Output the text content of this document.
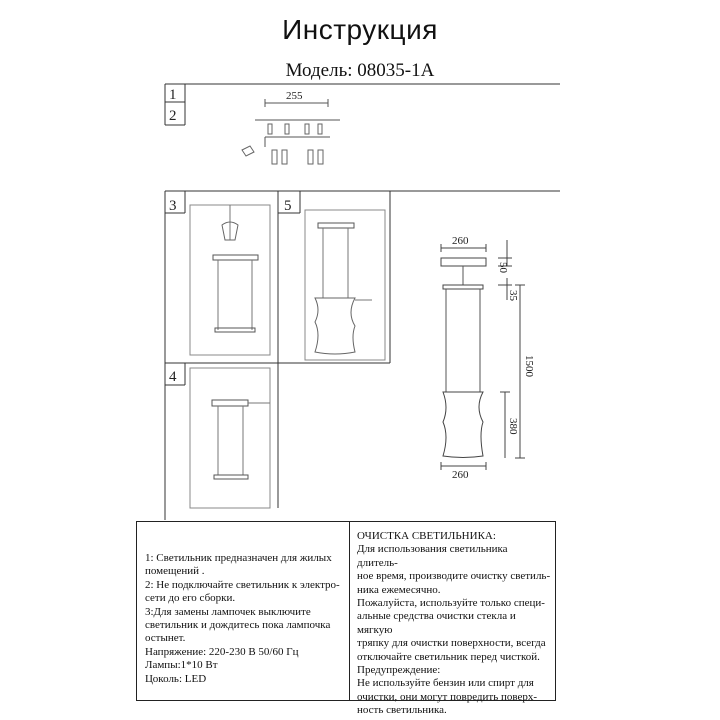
Инструкция
Модель: 08035-1А
1
2
3
4
5
255
260
50
35
1500
380
260

1: Светильник предназначен для жилых

помещений .

2: Не подключайте светильник к электро-

сети до его сборки.

3:Для замены лампочек выключите

светильник и дождитесь пока лампочка

остынет.

Напряжение: 220-230 В 50/60 Гц

Лампы:1*10 Вт

Цоколь: LED

ОЧИСТКА СВЕТИЛЬНИКА:

Для использования светильника длитель-

ное время, производите очистку светиль-

ника ежемесячно.

Пожалуйста, используйте только специ-

альные средства очистки стекла и мягкую

тряпку для очистки поверхности, всегда

отключайте светильник перед чисткой.

Предупреждение:

Не используйте бензин или спирт для

очистки, они могут повредить поверх-

ность светильника.
